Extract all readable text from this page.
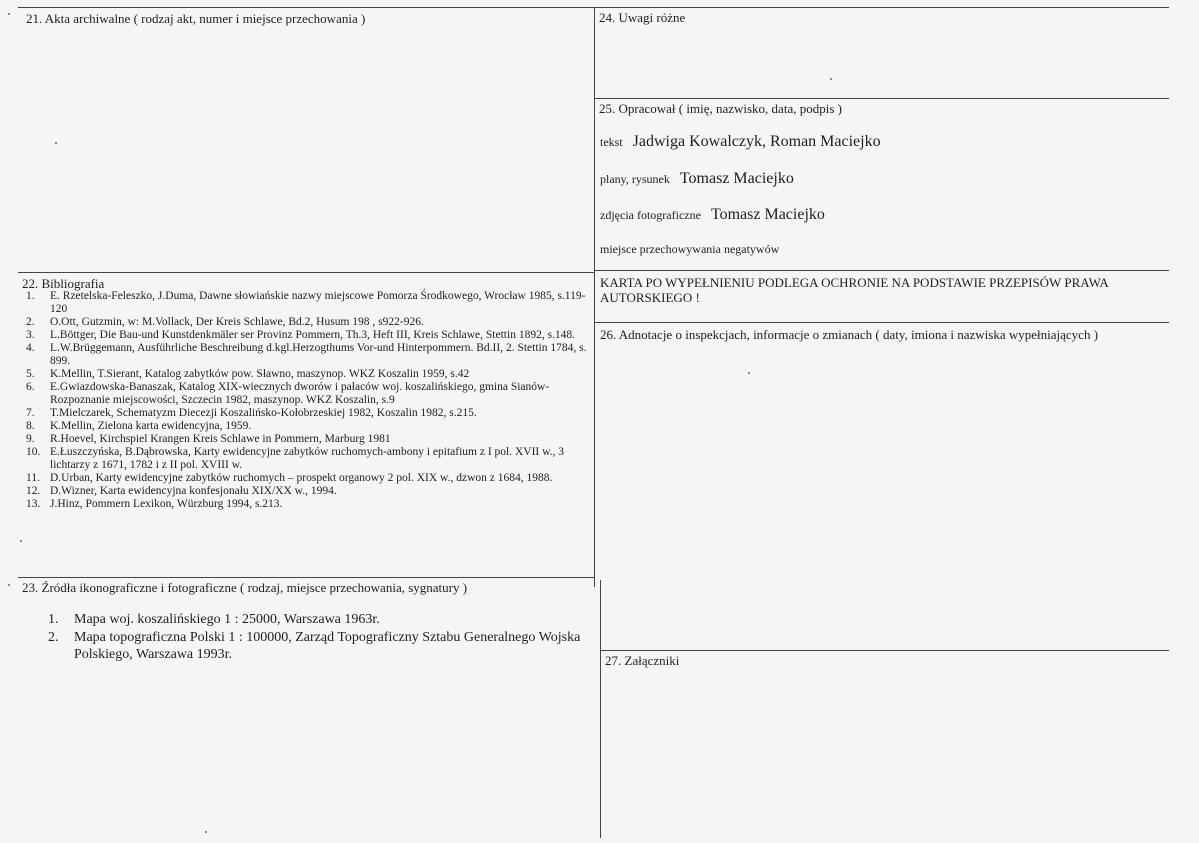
21. Akta archiwalne ( rodzaj akt, numer i miejsce przechowania )
22. Bibliografia
1.	E. Rzetelska-Feleszko, J.Duma, Dawne słowiańskie nazwy miejscowe Pomorza Środkowego, Wrocław 1985, s.119-120
2.	O.Ott, Gutzmin, w: M.Vollack, Der Kreis Schlawe, Bd.2, Husum 198 , s922-926.
3.	L.Böttger, Die Bau-und Kunstdenkmäler ser Provinz Pommern, Th.3, Heft III, Kreis Schlawe, Stettin 1892, s.148.
4.	L.W.Brüggemann, Ausführliche Beschreibung d.kgl.Herzogthums Vor-und Hinterpommern. Bd.II, 2. Stettin 1784, s. 899.
5.	K.Mellin, T.Sierant, Katalog zabytków pow. Sławno, maszynop. WKZ Koszalin 1959, s.42
6.	E.Gwiazdowska-Banaszak, Katalog XIX-wiecznych dworów i pałaców woj. koszalińskiego, gmina Sianów-Rozpoznanie miejscowości, Szczecin 1982, maszynop. WKZ Koszalin, s.9
7.	T.Mielczarek, Schematyzm Diecezji Koszalińsko-Kołobrzeskiej 1982, Koszalin 1982, s.215.
8.	K.Mellin, Zielona karta ewidencyjna, 1959.
9.	R.Hoevel, Kirchspiel Krangen Kreis Schlawe in Pommern, Marburg 1981
10. E.Łuszczyńska, B.Dąbrowska, Karty ewidencyjne zabytków ruchomych-ambony i epitafium z I pol. XVII w., 3 lichtarzy z 1671, 1782 i z II pol. XVIII w.
11. D.Urban, Karty ewidencyjne zabytków ruchomych – prospekt organowy 2 pol. XIX w., dzwon z 1684, 1988.
12. D.Wizner, Karta ewidencyjna konfesjonału XIX/XX w., 1994.
13. J.Hinz, Pommern Lexikon, Würzburg 1994, s.213.
23. Źródła ikonograficzne i fotograficzne ( rodzaj, miejsce przechowania, sygnatury )
1.	Mapa woj. koszalińskiego 1 : 25000, Warszawa 1963r.
2.	Mapa topograficzna Polski 1 : 100000, Zarząd Topograficzny Sztabu Generalnego Wojska Polskiego, Warszawa 1993r.
24. Uwagi różne
25. Opracował ( imię, nazwisko, data, podpis )
tekst Jadwiga Kowalczyk, Roman Maciejko
plany, rysunek Tomasz Maciejko
zdjęcia fotograficzne Tomasz Maciejko
miejsce przechowywania negatywów
KARTA PO WYPEŁNIENIU PODLEGA OCHRONIE NA PODSTAWIE PRZEPISÓW PRAWA AUTORSKIEGO !
26. Adnotacje o inspekcjach, informacje o zmianach ( daty, imiona i nazwiska wypełniających )
27. Załączniki
